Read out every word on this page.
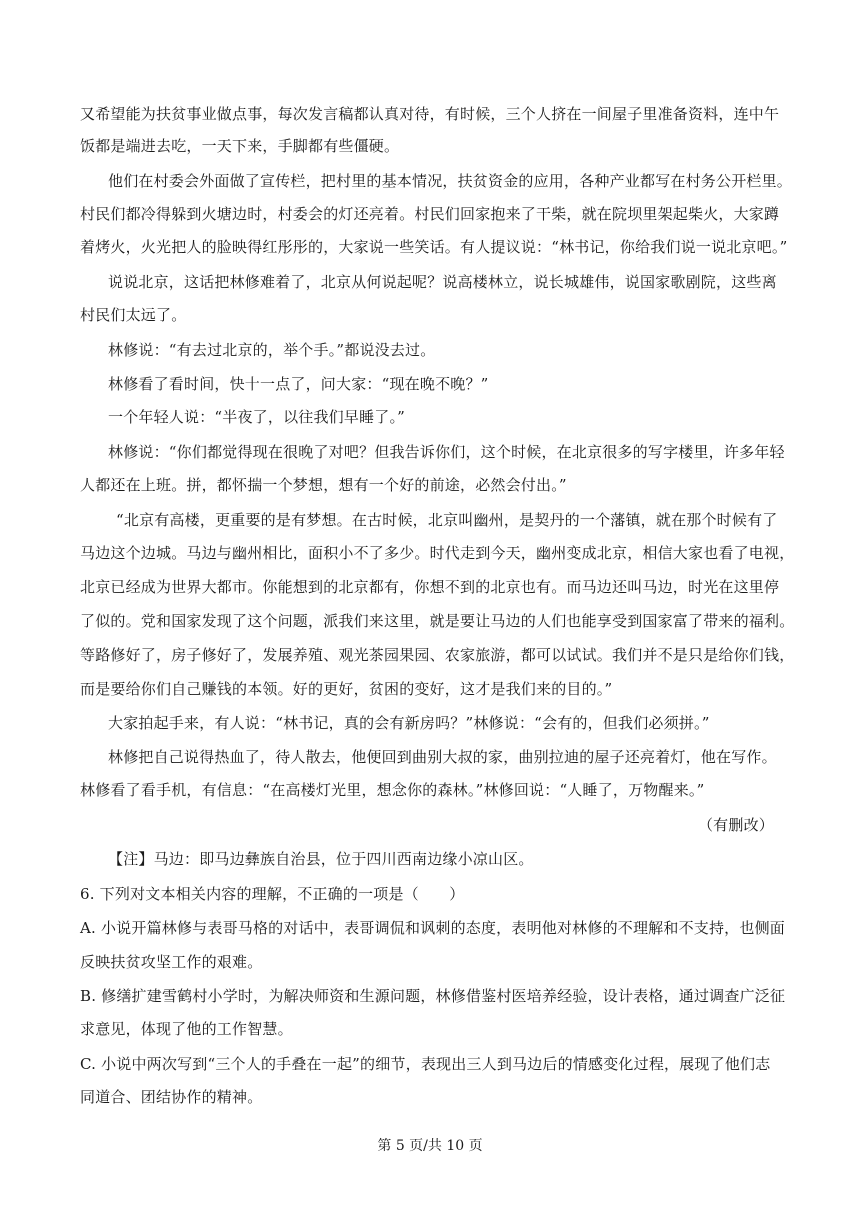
又希望能为扶贫事业做点事，每次发言稿都认真对待，有时候，三个人挤在一间屋子里准备资料，连中午
饭都是端进去吃，一天下来，手脚都有些僵硬。
他们在村委会外面做了宣传栏，把村里的基本情况，扶贫资金的应用，各种产业都写在村务公开栏里。
村民们都冷得躲到火塘边时，村委会的灯还亮着。村民们回家抱来了干柴，就在院坝里架起柴火，大家蹲
着烤火，火光把人的脸映得红彤彤的，大家说一些笑话。有人提议说：“林书记，你给我们说一说北京吧。”
说说北京，这话把林修难着了，北京从何说起呢？说高楼林立，说长城雄伟，说国家歌剧院，这些离
村民们太远了。
林修说：“有去过北京的，举个手。”都说没去过。
林修看了看时间，快十一点了，问大家：“现在晚不晚？”
一个年轻人说：“半夜了，以往我们早睡了。”
林修说：“你们都觉得现在很晚了对吧？但我告诉你们，这个时候，在北京很多的写字楼里，许多年轻
人都还在上班。拼，都怀揣一个梦想，想有一个好的前途，必然会付出。”
“北京有高楼，更重要的是有梦想。在古时候，北京叫幽州，是契丹的一个藩镇，就在那个时候有了
马边这个边城。马边与幽州相比，面积小不了多少。时代走到今天，幽州变成北京，相信大家也看了电视，
北京已经成为世界大都市。你能想到的北京都有，你想不到的北京也有。而马边还叫马边，时光在这里停
了似的。党和国家发现了这个问题，派我们来这里，就是要让马边的人们也能享受到国家富了带来的福利。
等路修好了，房子修好了，发展养殖、观光茶园果园、农家旅游，都可以试试。我们并不是只是给你们钱，
而是要给你们自己赚钱的本领。好的更好，贫困的变好，这才是我们来的目的。”
大家拍起手来，有人说：“林书记，真的会有新房吗？”林修说：“会有的，但我们必须拼。”
林修把自己说得热血了，待人散去，他便回到曲别大叔的家，曲别拉迪的屋子还亮着灯，他在写作。
林修看了看手机，有信息：“在高楼灯光里，想念你的森林。”林修回说：“人睡了，万物醒来。”
（有删改）
【注】马边：即马边彝族自治县，位于四川西南边缘小凉山区。
6. 下列对文本相关内容的理解，不正确的一项是（　　）
A. 小说开篇林修与表哥马格的对话中，表哥调侃和讽刺的态度，表明他对林修的不理解和不支持，也侧面
反映扶贫攻坚工作的艰难。
B. 修缮扩建雪鹤村小学时，为解决师资和生源问题，林修借鉴村医培养经验，设计表格，通过调查广泛征
求意见，体现了他的工作智慧。
C. 小说中两次写到“三个人的手叠在一起”的细节，表现出三人到马边后的情感变化过程，展现了他们志
同道合、团结协作的精神。
第 5 页/共 10 页
